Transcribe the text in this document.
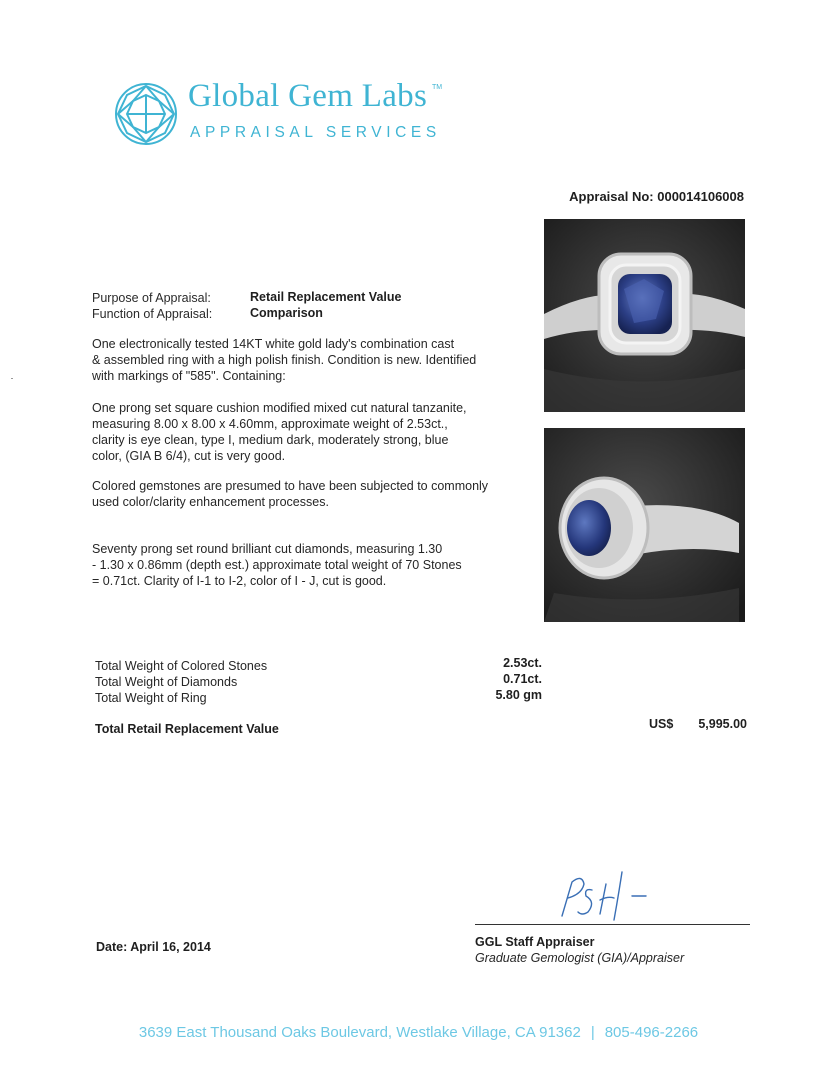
Global Gem Labs TM
APPRAISAL SERVICES
Appraisal No: 000014106008
Purpose of Appraisal:	Retail Replacement Value
Function of Appraisal:	Comparison
One electronically tested 14KT white gold lady's combination cast
& assembled ring with a high polish finish. Condition is new. Identified
with markings of "585". Containing:
One prong set square cushion modified mixed cut natural tanzanite,
measuring 8.00 x 8.00 x 4.60mm, approximate weight of 2.53ct.,
clarity is eye clean, type I, medium dark, moderately strong, blue
color, (GIA B 6/4), cut is very good.
Colored gemstones are presumed to have been subjected to commonly
used color/clarity enhancement processes.
Seventy prong set round brilliant cut diamonds, measuring 1.30
- 1.30 x 0.86mm (depth est.) approximate total weight of 70 Stones
= 0.71ct. Clarity of I-1 to I-2, color of I - J, cut is good.
Total Weight of Colored Stones	2.53ct.
Total Weight of Diamonds	0.71ct.
Total Weight of Ring	5.80 gm
Total Retail Replacement Value	US$ 5,995.00
Date: April 16, 2014	GGL Staff Appraiser
Graduate Gemologist (GIA)/Appraiser
3639 East Thousand Oaks Boulevard, Westlake Village, CA 91362 | 805-496-2266
